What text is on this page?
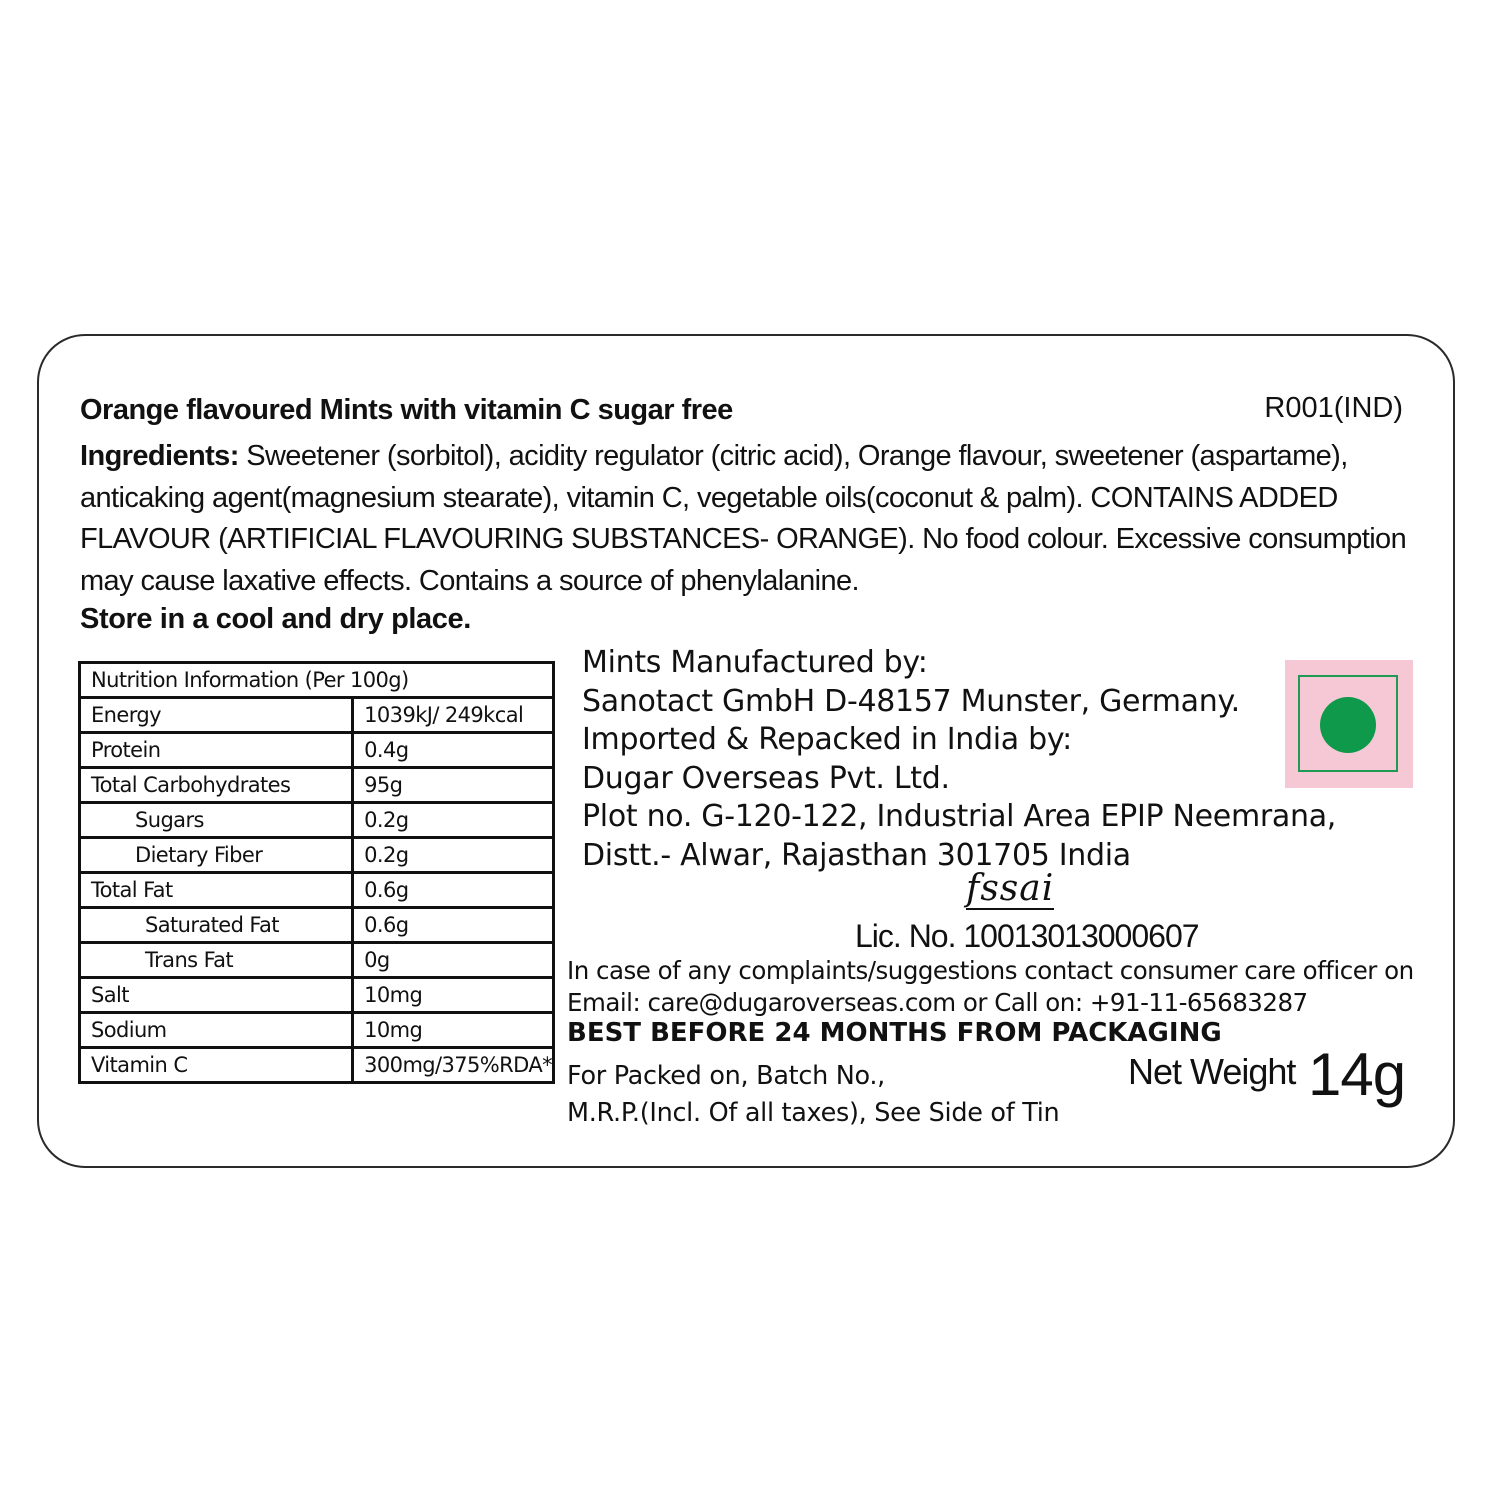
Orange flavoured Mints with vitamin C sugar free	R001(IND)
Ingredients: Sweetener (sorbitol), acidity regulator (citric acid), Orange flavour, sweetener (aspartame), anticaking agent(magnesium stearate), vitamin C, vegetable oils(coconut & palm). CONTAINS ADDED FLAVOUR (ARTIFICIAL FLAVOURING SUBSTANCES- ORANGE). No food colour. Excessive consumption may cause laxative effects. Contains a source of phenylalanine.
Store in a cool and dry place.
Nutrition Information (Per 100g)	
Energy	1039kJ/ 249kcal
Protein	0.4g
Total Carbohydrates	95g
Sugars	0.2g
Dietary Fiber	0.2g
Total Fat	0.6g
Saturated Fat	0.6g
Trans Fat	0g
Salt	10mg
Sodium	10mg
Vitamin C	300mg/375%RDA*
Mints Manufactured by:
Sanotact GmbH D-48157 Munster, Germany.
Imported & Repacked in India by:
Dugar Overseas Pvt. Ltd.
Plot no. G-120-122, Industrial Area EPIP Neemrana,
Distt.- Alwar, Rajasthan 301705 India
fssai
Lic. No. 10013013000607
In case of any complaints/suggestions contact consumer care officer on
Email: care@dugaroverseas.com or Call on: +91-11-65683287
BEST BEFORE 24 MONTHS FROM PACKAGING
For Packed on, Batch No.,
M.R.P.(Incl. Of all taxes), See Side of Tin
Net Weight 14g
